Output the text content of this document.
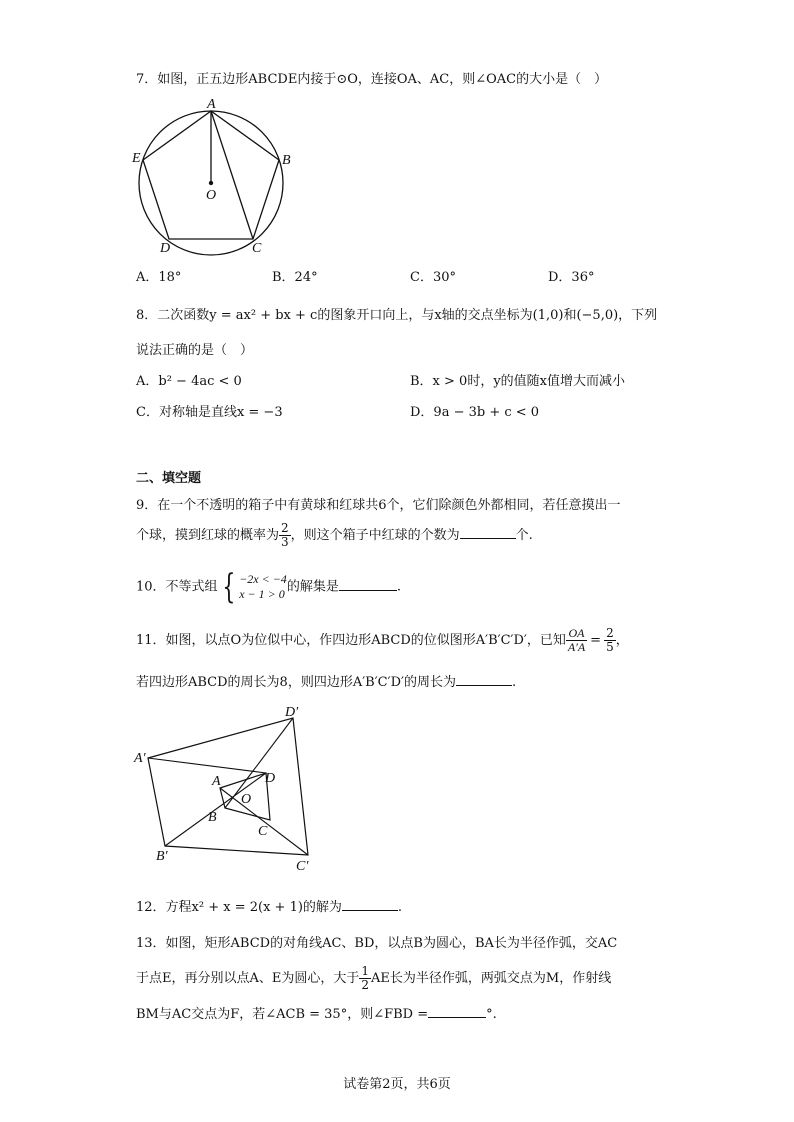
7．如图，正五边形ABCDE内接于⊙O，连接OA、AC，则∠OAC的大小是（　）
A
B
C
D
E
O
A．18°	B．24°	C．30°	D．36°
8．二次函数y = ax² + bx + c的图象开口向上，与x轴的交点坐标为(1,0)和(−5,0)，下列
说法正确的是（　）
A．b² − 4ac < 0	B．x > 0时，y的值随x值增大而减小
C．对称轴是直线x = −3	D．9a − 3b + c < 0
二、填空题
9．在一个不透明的箱子中有黄球和红球共6个，它们除颜色外都相同，若任意摸出一
个球，摸到红球的概率为 $\frac{2}{3}$ ，则这个箱子中红球的个数为	个.
10．不等式组 { −2x < −4
x − 1 > 0 的解集是	.
11．如图，以点O为位似中心，作四边形ABCD的位似图形A′B′C′D′，已知 $\frac{OA}{A'A} = \frac{2}{5}$ ，
若四边形ABCD的周长为8，则四边形A′B′C′D′的周长为	.
A′
D′
B′
C′
A	D
B
C
O
12．方程x² + x = 2(x + 1)的解为	.
13．如图，矩形ABCD的对角线AC、BD，以点B为圆心，BA长为半径作弧，交AC
于点E，再分别以点A、E为圆心，大于 $\frac{1}{2}$ AE长为半径作弧，两弧交点为M，作射线
BM与AC交点为F，若∠ACB = 35°，则∠FBD =	°.
试卷第2页，共6页
